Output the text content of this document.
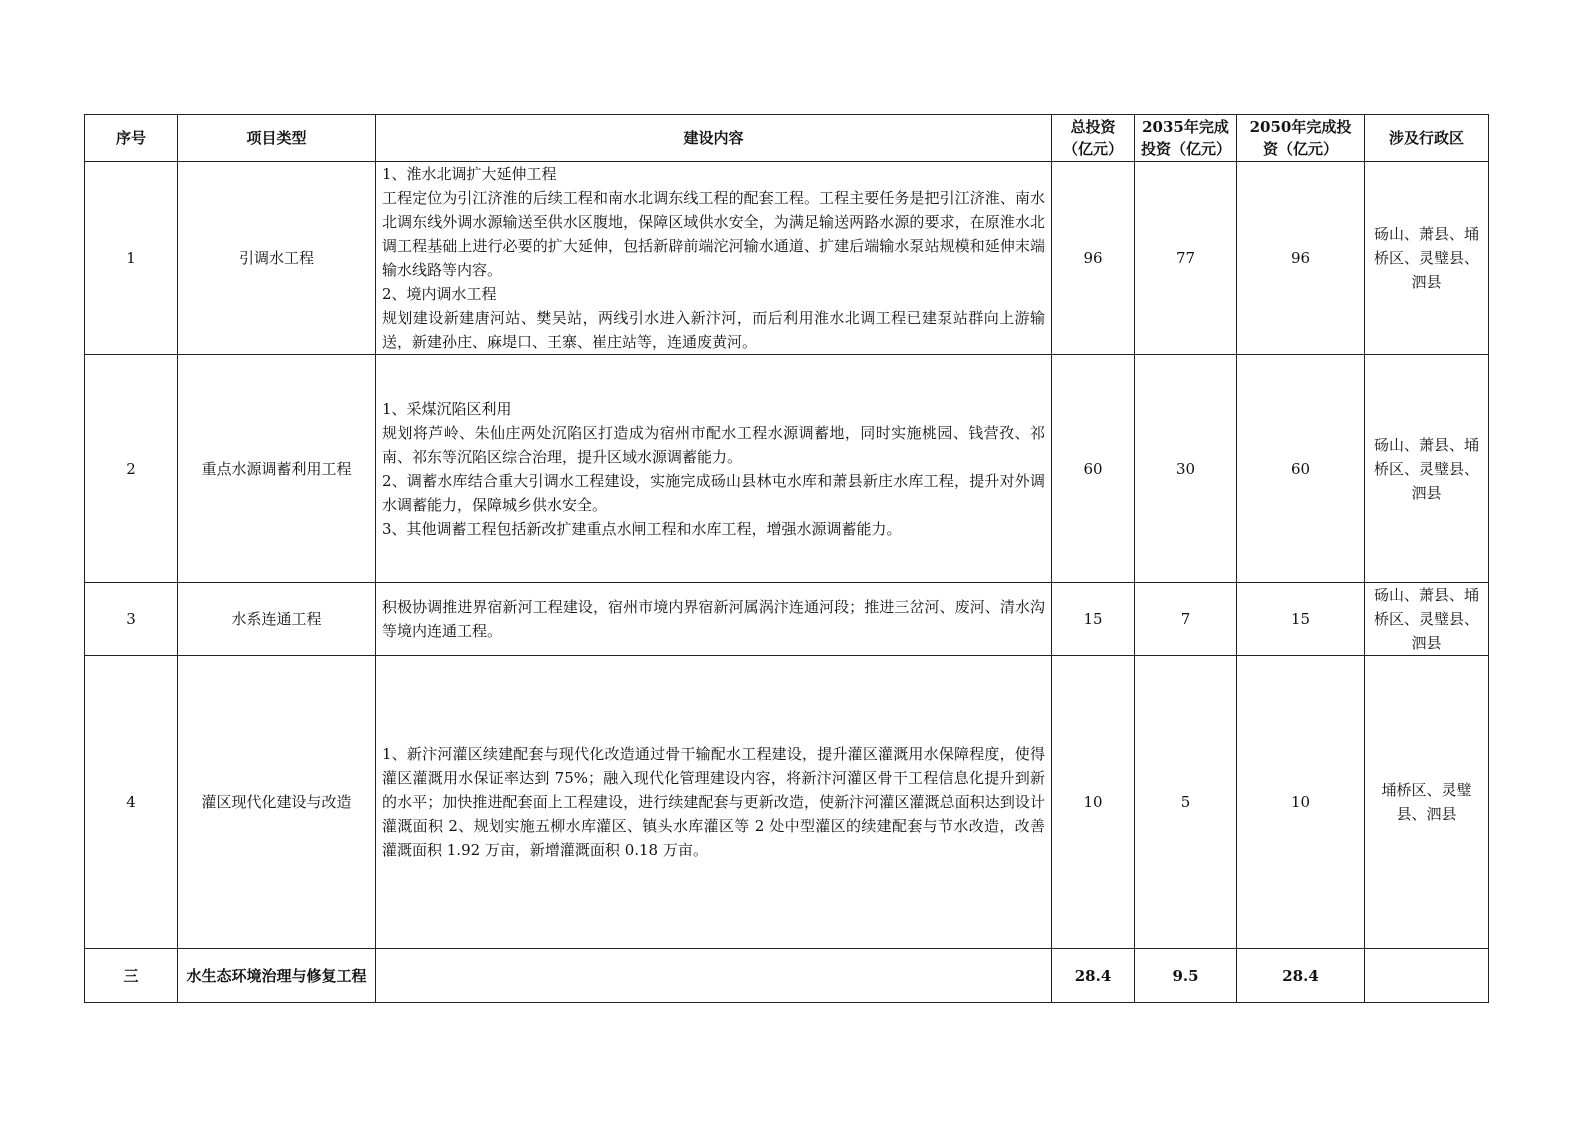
序号	项目类型	建设内容	总投资（亿元）	2035年完成投资（亿元）	2050年完成投资（亿元）	涉及行政区
1	引调水工程	1、淮水北调扩大延伸工程
工程定位为引江济淮的后续工程和南水北调东线工程的配套工程。工程主要任务是把引江济淮、南水北调东线外调水源输送至供水区腹地，保障区域供水安全，为满足输送两路水源的要求，在原淮水北调工程基础上进行必要的扩大延伸，包括新辟前端沱河输水通道、扩建后端输水泵站规模和延伸末端输水线路等内容。
2、境内调水工程
规划建设新建唐河站、樊吴站，两线引水进入新汴河，而后利用淮水北调工程已建泵站群向上游输送，新建孙庄、麻堤口、王寨、崔庄站等，连通废黄河。	96	77	96	砀山、萧县、埇桥区、灵璧县、泗县
2	重点水源调蓄利用工程	1、采煤沉陷区利用
规划将芦岭、朱仙庄两处沉陷区打造成为宿州市配水工程水源调蓄地，同时实施桃园、钱营孜、祁南、祁东等沉陷区综合治理，提升区域水源调蓄能力。
2、调蓄水库结合重大引调水工程建设，实施完成砀山县林屯水库和萧县新庄水库工程，提升对外调水调蓄能力，保障城乡供水安全。
3、其他调蓄工程包括新改扩建重点水闸工程和水库工程，增强水源调蓄能力。	60	30	60	砀山、萧县、埇桥区、灵璧县、泗县
3	水系连通工程	积极协调推进界宿新河工程建设，宿州市境内界宿新河属涡汴连通河段；推进三岔河、废河、清水沟等境内连通工程。	15	7	15	砀山、萧县、埇桥区、灵璧县、泗县
4	灌区现代化建设与改造	1、新汴河灌区续建配套与现代化改造通过骨干输配水工程建设，提升灌区灌溉用水保障程度，使得灌区灌溉用水保证率达到 75%；融入现代化管理建设内容，将新汴河灌区骨干工程信息化提升到新的水平；加快推进配套面上工程建设，进行续建配套与更新改造，使新汴河灌区灌溉总面积达到设计灌溉面积 2、规划实施五柳水库灌区、镇头水库灌区等 2 处中型灌区的续建配套与节水改造，改善灌溉面积 1.92 万亩，新增灌溉面积 0.18 万亩。	10	5	10	埇桥区、灵璧县、泗县
三	水生态环境治理与修复工程		28.4	9.5	28.4	
